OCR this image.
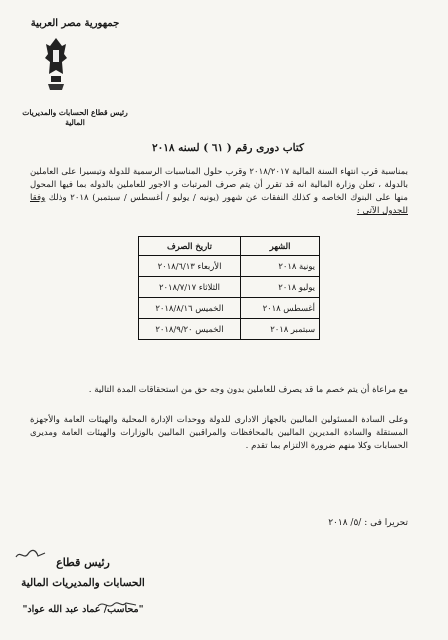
جمهورية مصر العربية
رئيس قطاع الحسابات والمديريات المالية
كتاب دورى رقم ( ٦١ ) لسنه ٢٠١٨
بمناسبة قرب انتهاء السنة المالية ٢٠١٨/٢٠١٧ وقرب حلول المناسبات الرسمية للدولة وتيسيرا على العاملين بالدولة ، تعلن وزارة المالية انه قد تقرر أن يتم صرف المرتبات و الاجور للعاملين بالدوله بما فيها المحول منها على البنوك الخاصه و كذلك النفقات عن شهور (يونيه / يوليو / أغسطس / سبتمبر) ٢٠١٨ وذلك وفقا للجدول الآتى :
الشهر	تاريخ الصرف
يونية ٢٠١٨	الأربعاء ٢٠١٨/٦/١٣
يوليو ٢٠١٨	الثلاثاء ٢٠١٨/٧/١٧
أغسطس ٢٠١٨	الخميس ٢٠١٨/٨/١٦
سبتمبر ٢٠١٨	الخميس ٢٠١٨/٩/٢٠
مع مراعاة أن يتم خصم ما قد يصرف للعاملين بدون وجه حق من استحقاقات المدة التالية .
وعلى السادة المسئولين الماليين بالجهاز الادارى للدولة ووحدات الإدارة المحلية والهيئات العامة والأجهزة المستقلة والسادة المديرين الماليين بالمحافظات والمراقبين الماليين بالوزارات والهيئات العامة ومديرى الحسابات وكلا منهم ضرورة الالتزام بما تقدم .
تحريرا فى : /٥/ ٢٠١٨
رئيس قطاع
الحسابات والمديريات المالية
"محاسب/ عماد عبد الله عواد"
